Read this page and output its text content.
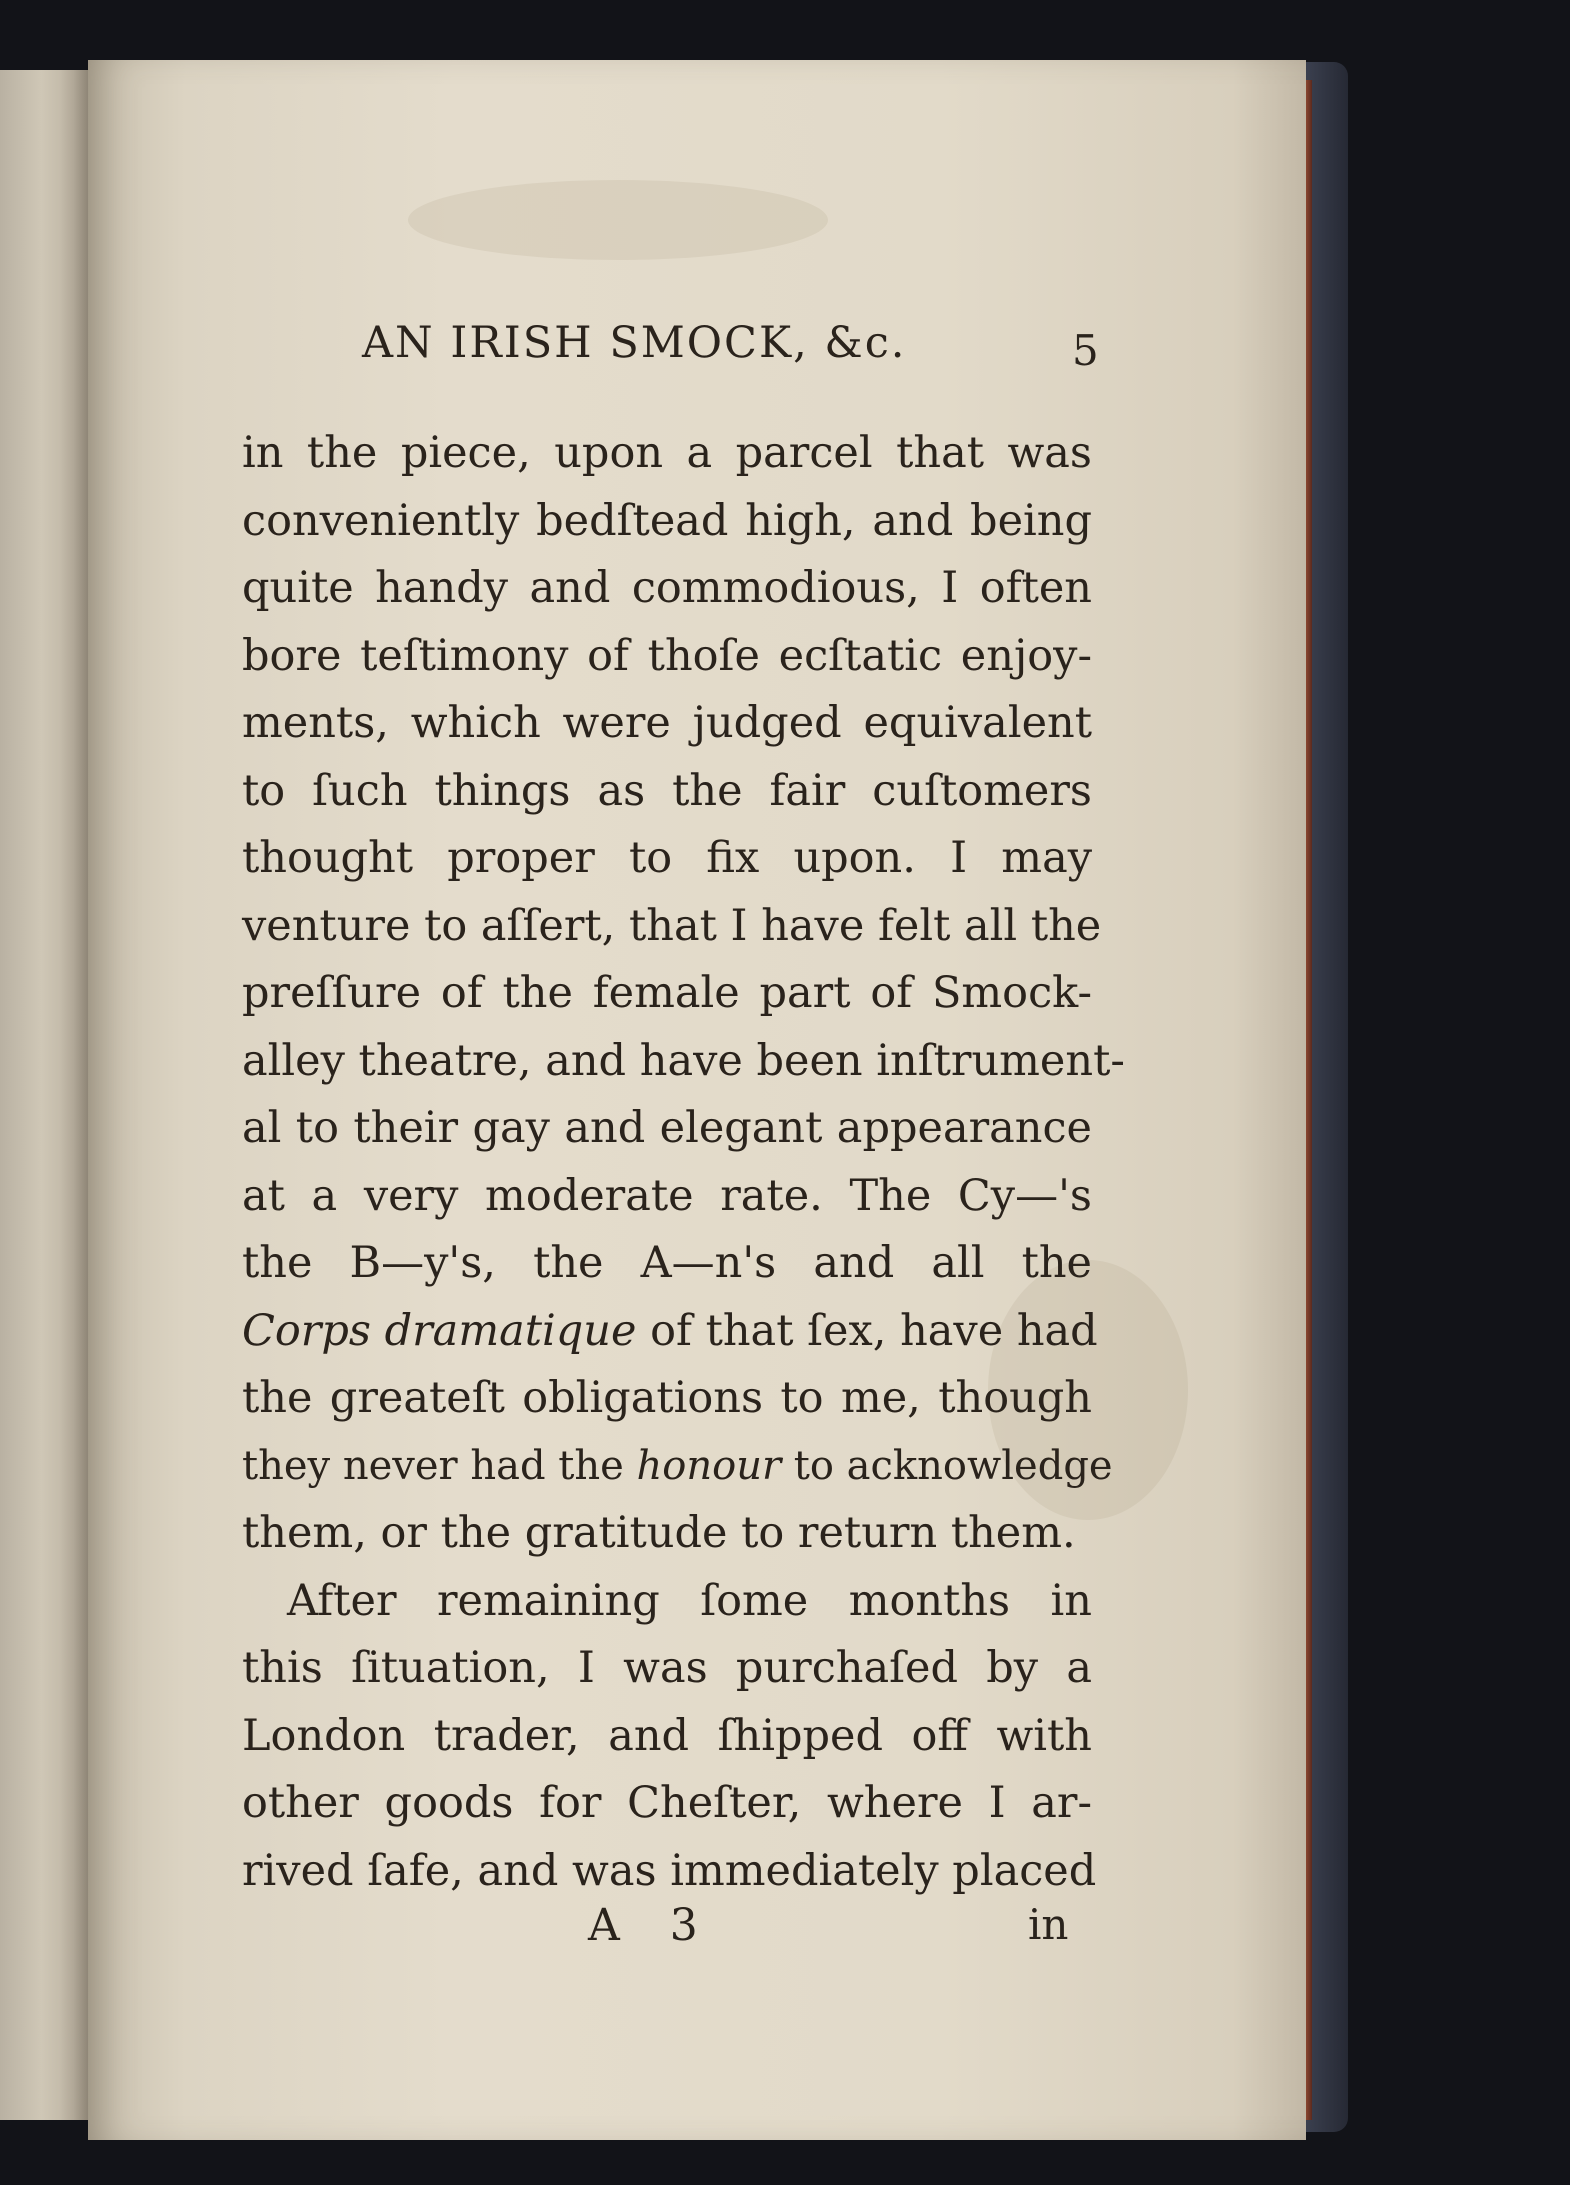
AN IRISH SMOCK, &c.	5
in the piece, upon a parcel that was
conveniently bedſtead high, and being
quite handy and commodious, I often
bore teſtimony of thoſe ecſtatic enjoy-
ments, which were judged equivalent
to ſuch things as the fair cuſtomers
thought proper to fix upon. I may
venture to aſſert, that I have felt all the
preſſure of the female part of Smock-
alley theatre, and have been inſtrument-
al to their gay and elegant appearance
at a very moderate rate. The Cy—'s
the B—y's, the A—n's and all the
Corps dramatique of that ſex, have had
the greateſt obligations to me, though
they never had the honour to acknowledge
them, or the gratitude to return them.
After remaining ſome months in
this ſituation, I was purchaſed by a
London trader, and ſhipped off with
other goods for Cheſter, where I ar-
rived ſafe, and was immediately placed
A 3	in
